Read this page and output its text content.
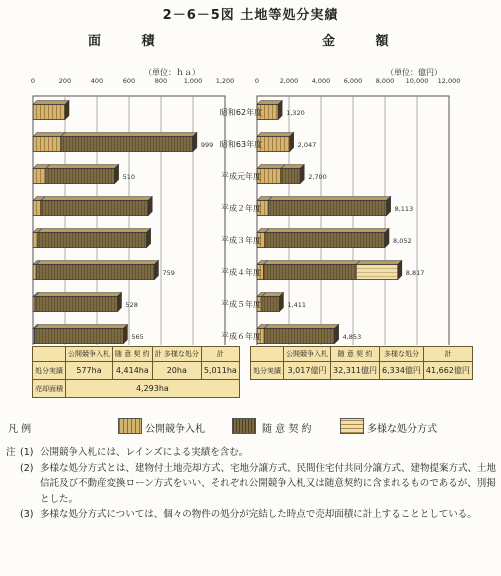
2－6－5図 土地等処分実績
面 積	金 額
（単位：ｈａ）	（単位：億円）
0	200	400	600	800	1,000 1,200
999
510
759
528
565
0	2,000 4,000 6,000 8,000 10,000 12,000
1,320
2,047
2,700
8,113
8,052
8,817
1,411
4,853
昭和62年度
昭和63年度
平成元年度
平成２年度
平成３年度
平成４年度
平成５年度
平成６年度
	公開競争入札	随 意 契 約	計 多様な処分	計
処分実績	577ha	4,414ha	20ha	5,011ha
売却面積	4,293ha			
	公開競争入札	随 意 契 約	多様な処分	計
処分実績	3,017億円	32,311億円	6,334億円	41,662億円
凡 例	公開競争入札	随 意 契 約	多様な処分方式
注 (1) 公開競争入札には、レインズによる実績を含む。
(2) 多様な処分方式とは、建物付土地売却方式、宅地分譲方式、民間住宅付共同分譲方式、建物提案方式、土地信託及び不動産変換ローン方式をいい、それぞれ公開競争入札又は随意契約に含まれるものであるが、別掲とした。
(3) 多様な処分方式については、個々の物件の処分が完結した時点で売却面積に計上することとしている。
